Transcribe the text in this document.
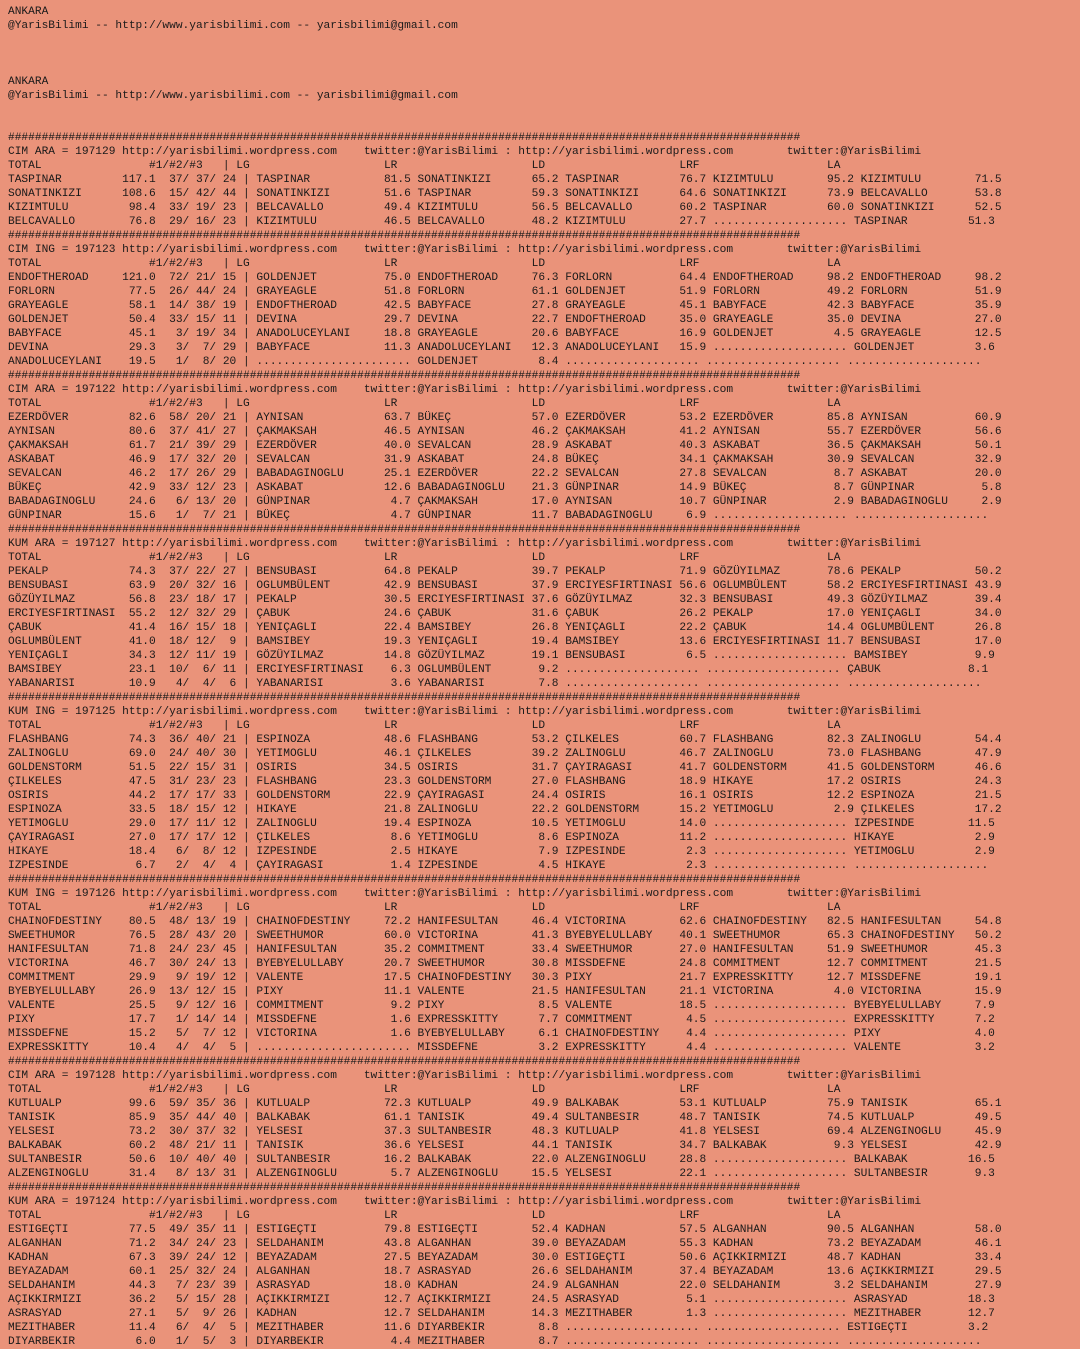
ANKARA
@YarisBilimi -- http://www.yarisbilimi.com -- yarisbilimi@gmail.com
ANKARA
@YarisBilimi -- http://www.yarisbilimi.com -- yarisbilimi@gmail.com
######################################################################################################################
CIM ARA = 197129 http://yarisbilimi.wordpress.com    twitter:@YarisBilimi : http://yarisbilimi.wordpress.com        twitter:@YarisBilimi
TOTAL                #1/#2/#3   | LG                    LR                    LD                    LRF                   LA
TASPINAR         117.1  37/ 37/ 24 | TASPINAR           81.5 SONATINKIZI      65.2 TASPINAR         76.7 KIZIMTULU        95.2 KIZIMTULU        71.5
SONATINKIZI      108.6  15/ 42/ 44 | SONATINKIZI        51.6 TASPINAR         59.3 SONATINKIZI      64.6 SONATINKIZI      73.9 BELCAVALLO       53.8
KIZIMTULU         98.4  33/ 19/ 23 | BELCAVALLO         49.4 KIZIMTULU        56.5 BELCAVALLO       60.2 TASPINAR         60.0 SONATINKIZI      52.5
BELCAVALLO        76.8  29/ 16/ 23 | KIZIMTULU          46.5 BELCAVALLO       48.2 KIZIMTULU        27.7 .................... TASPINAR         51.3
######################################################################################################################
CIM ING = 197123 http://yarisbilimi.wordpress.com    twitter:@YarisBilimi : http://yarisbilimi.wordpress.com        twitter:@YarisBilimi
TOTAL                #1/#2/#3   | LG                    LR                    LD                    LRF                   LA
ENDOFTHEROAD     121.0  72/ 21/ 15 | GOLDENJET          75.0 ENDOFTHEROAD     76.3 FORLORN          64.4 ENDOFTHEROAD     98.2 ENDOFTHEROAD     98.2
FORLORN           77.5  26/ 44/ 24 | GRAYEAGLE          51.8 FORLORN          61.1 GOLDENJET        51.9 FORLORN          49.2 FORLORN          51.9
GRAYEAGLE         58.1  14/ 38/ 19 | ENDOFTHEROAD       42.5 BABYFACE         27.8 GRAYEAGLE        45.1 BABYFACE         42.3 BABYFACE         35.9
GOLDENJET         50.4  33/ 15/ 11 | DEVINA             29.7 DEVINA           22.7 ENDOFTHEROAD     35.0 GRAYEAGLE        35.0 DEVINA           27.0
BABYFACE          45.1   3/ 19/ 34 | ANADOLUCEYLANI     18.8 GRAYEAGLE        20.6 BABYFACE         16.9 GOLDENJET         4.5 GRAYEAGLE        12.5
DEVINA            29.3   3/  7/ 29 | BABYFACE           11.3 ANADOLUCEYLANI   12.3 ANADOLUCEYLANI   15.9 .................... GOLDENJET         3.6
ANADOLUCEYLANI    19.5   1/  8/ 20 | ....................... GOLDENJET         8.4 .................... .................... ....................
######################################################################################################################
CIM ARA = 197122 http://yarisbilimi.wordpress.com    twitter:@YarisBilimi : http://yarisbilimi.wordpress.com        twitter:@YarisBilimi
TOTAL                #1/#2/#3   | LG                    LR                    LD                    LRF                   LA
EZERDÖVER         82.6  58/ 20/ 21 | AYNISAN            63.7 BÜKEÇ            57.0 EZERDÖVER        53.2 EZERDÖVER        85.8 AYNISAN          60.9
AYNISAN           80.6  37/ 41/ 27 | ÇAKMAKSAH          46.5 AYNISAN          46.2 ÇAKMAKSAH        41.2 AYNISAN          55.7 EZERDÖVER        56.6
ÇAKMAKSAH         61.7  21/ 39/ 29 | EZERDÖVER          40.0 SEVALCAN         28.9 ASKABAT          40.3 ASKABAT          36.5 ÇAKMAKSAH        50.1
ASKABAT           46.9  17/ 32/ 20 | SEVALCAN           31.9 ASKABAT          24.8 BÜKEÇ            34.1 ÇAKMAKSAH        30.9 SEVALCAN         32.9
SEVALCAN          46.2  17/ 26/ 29 | BABADAGINOGLU      25.1 EZERDÖVER        22.2 SEVALCAN         27.8 SEVALCAN          8.7 ASKABAT          20.0
BÜKEÇ             42.9  33/ 12/ 23 | ASKABAT            12.6 BABADAGINOGLU    21.3 GÜNPINAR         14.9 BÜKEÇ             8.7 GÜNPINAR          5.8
BABADAGINOGLU     24.6   6/ 13/ 20 | GÜNPINAR            4.7 ÇAKMAKSAH        17.0 AYNISAN          10.7 GÜNPINAR          2.9 BABADAGINOGLU     2.9
GÜNPINAR          15.6   1/  7/ 21 | BÜKEÇ               4.7 GÜNPINAR         11.7 BABADAGINOGLU     6.9 .................... ....................
######################################################################################################################
KUM ARA = 197127 http://yarisbilimi.wordpress.com    twitter:@YarisBilimi : http://yarisbilimi.wordpress.com        twitter:@YarisBilimi
TOTAL                #1/#2/#3   | LG                    LR                    LD                    LRF                   LA
PEKALP            74.3  37/ 22/ 27 | BENSUBASI          64.8 PEKALP           39.7 PEKALP           71.9 GÖZÜYILMAZ       78.6 PEKALP           50.2
BENSUBASI         63.9  20/ 32/ 16 | OGLUMBÜLENT        42.9 BENSUBASI        37.9 ERCIYESFIRTINASI 56.6 OGLUMBÜLENT      58.2 ERCIYESFIRTINASI 43.9
GÖZÜYILMAZ        56.8  23/ 18/ 17 | PEKALP             30.5 ERCIYESFIRTINASI 37.6 GÖZÜYILMAZ       32.3 BENSUBASI        49.3 GÖZÜYILMAZ       39.4
ERCIYESFIRTINASI  55.2  12/ 32/ 29 | ÇABUK              24.6 ÇABUK            31.6 ÇABUK            26.2 PEKALP           17.0 YENIÇAGLI        34.0
ÇABUK             41.4  16/ 15/ 18 | YENIÇAGLI          22.4 BAMSIBEY         26.8 YENIÇAGLI        22.2 ÇABUK            14.4 OGLUMBÜLENT      26.8
OGLUMBÜLENT       41.0  18/ 12/  9 | BAMSIBEY           19.3 YENIÇAGLI        19.4 BAMSIBEY         13.6 ERCIYESFIRTINASI 11.7 BENSUBASI        17.0
YENIÇAGLI         34.3  12/ 11/ 19 | GÖZÜYILMAZ         14.8 GÖZÜYILMAZ       19.1 BENSUBASI         6.5 .................... BAMSIBEY          9.9
BAMSIBEY          23.1  10/  6/ 11 | ERCIYESFIRTINASI    6.3 OGLUMBÜLENT       9.2 .................... .................... ÇABUK             8.1
YABANARISI        10.9   4/  4/  6 | YABANARISI          3.6 YABANARISI        7.8 .................... .................... ....................
######################################################################################################################
KUM ING = 197125 http://yarisbilimi.wordpress.com    twitter:@YarisBilimi : http://yarisbilimi.wordpress.com        twitter:@YarisBilimi
TOTAL                #1/#2/#3   | LG                    LR                    LD                    LRF                   LA
FLASHBANG         74.3  36/ 40/ 21 | ESPINOZA           48.6 FLASHBANG        53.2 ÇILKELES         60.7 FLASHBANG        82.3 ZALINOGLU        54.4
ZALINOGLU         69.0  24/ 40/ 30 | YETIMOGLU          46.1 ÇILKELES         39.2 ZALINOGLU        46.7 ZALINOGLU        73.0 FLASHBANG        47.9
GOLDENSTORM       51.5  22/ 15/ 31 | OSIRIS             34.5 OSIRIS           31.7 ÇAYIRAGASI       41.7 GOLDENSTORM      41.5 GOLDENSTORM      46.6
ÇILKELES          47.5  31/ 23/ 23 | FLASHBANG          23.3 GOLDENSTORM      27.0 FLASHBANG        18.9 HIKAYE           17.2 OSIRIS           24.3
OSIRIS            44.2  17/ 17/ 33 | GOLDENSTORM        22.9 ÇAYIRAGASI       24.4 OSIRIS           16.1 OSIRIS           12.2 ESPINOZA         21.5
ESPINOZA          33.5  18/ 15/ 12 | HIKAYE             21.8 ZALINOGLU        22.2 GOLDENSTORM      15.2 YETIMOGLU         2.9 ÇILKELES         17.2
YETIMOGLU         29.0  17/ 11/ 12 | ZALINOGLU          19.4 ESPINOZA         10.5 YETIMOGLU        14.0 .................... IZPESINDE        11.5
ÇAYIRAGASI        27.0  17/ 17/ 12 | ÇILKELES            8.6 YETIMOGLU         8.6 ESPINOZA         11.2 .................... HIKAYE            2.9
HIKAYE            18.4   6/  8/ 12 | IZPESINDE           2.5 HIKAYE            7.9 IZPESINDE         2.3 .................... YETIMOGLU         2.9
IZPESINDE          6.7   2/  4/  4 | ÇAYIRAGASI          1.4 IZPESINDE         4.5 HIKAYE            2.3 .................... ....................
######################################################################################################################
KUM ING = 197126 http://yarisbilimi.wordpress.com    twitter:@YarisBilimi : http://yarisbilimi.wordpress.com        twitter:@YarisBilimi
TOTAL                #1/#2/#3   | LG                    LR                    LD                    LRF                   LA
CHAINOFDESTINY    80.5  48/ 13/ 19 | CHAINOFDESTINY     72.2 HANIFESULTAN     46.4 VICTORINA        62.6 CHAINOFDESTINY   82.5 HANIFESULTAN     54.8
SWEETHUMOR        76.5  28/ 43/ 20 | SWEETHUMOR         60.0 VICTORINA        41.3 BYEBYELULLABY    40.1 SWEETHUMOR       65.3 CHAINOFDESTINY   50.2
HANIFESULTAN      71.8  24/ 23/ 45 | HANIFESULTAN       35.2 COMMITMENT       33.4 SWEETHUMOR       27.0 HANIFESULTAN     51.9 SWEETHUMOR       45.3
VICTORINA         46.7  30/ 24/ 13 | BYEBYELULLABY      20.7 SWEETHUMOR       30.8 MISSDEFNE        24.8 COMMITMENT       12.7 COMMITMENT       21.5
COMMITMENT        29.9   9/ 19/ 12 | VALENTE            17.5 CHAINOFDESTINY   30.3 PIXY             21.7 EXPRESSKITTY     12.7 MISSDEFNE        19.1
BYEBYELULLABY     26.9  13/ 12/ 15 | PIXY               11.1 VALENTE          21.5 HANIFESULTAN     21.1 VICTORINA         4.0 VICTORINA        15.9
VALENTE           25.5   9/ 12/ 16 | COMMITMENT          9.2 PIXY              8.5 VALENTE          18.5 .................... BYEBYELULLABY     7.9
PIXY              17.7   1/ 14/ 14 | MISSDEFNE           1.6 EXPRESSKITTY      7.7 COMMITMENT        4.5 .................... EXPRESSKITTY      7.2
MISSDEFNE         15.2   5/  7/ 12 | VICTORINA           1.6 BYEBYELULLABY     6.1 CHAINOFDESTINY    4.4 .................... PIXY              4.0
EXPRESSKITTY      10.4   4/  4/  5 | ....................... MISSDEFNE         3.2 EXPRESSKITTY      4.4 .................... VALENTE           3.2
######################################################################################################################
CIM ARA = 197128 http://yarisbilimi.wordpress.com    twitter:@YarisBilimi : http://yarisbilimi.wordpress.com        twitter:@YarisBilimi
TOTAL                #1/#2/#3   | LG                    LR                    LD                    LRF                   LA
KUTLUALP          99.6  59/ 35/ 36 | KUTLUALP           72.3 KUTLUALP         49.9 BALKABAK         53.1 KUTLUALP         75.9 TANISIK          65.1
TANISIK           85.9  35/ 44/ 40 | BALKABAK           61.1 TANISIK          49.4 SULTANBESIR      48.7 TANISIK          74.5 KUTLUALP         49.5
YELSESI           73.2  30/ 37/ 32 | YELSESI            37.3 SULTANBESIR      48.3 KUTLUALP         41.8 YELSESI          69.4 ALZENGINOGLU     45.9
BALKABAK          60.2  48/ 21/ 11 | TANISIK            36.6 YELSESI          44.1 TANISIK          34.7 BALKABAK          9.3 YELSESI          42.9
SULTANBESIR       50.6  10/ 40/ 40 | SULTANBESIR        16.2 BALKABAK         22.0 ALZENGINOGLU     28.8 .................... BALKABAK         16.5
ALZENGINOGLU      31.4   8/ 13/ 31 | ALZENGINOGLU        5.7 ALZENGINOGLU     15.5 YELSESI          22.1 .................... SULTANBESIR       9.3
######################################################################################################################
KUM ARA = 197124 http://yarisbilimi.wordpress.com    twitter:@YarisBilimi : http://yarisbilimi.wordpress.com        twitter:@YarisBilimi
TOTAL                #1/#2/#3   | LG                    LR                    LD                    LRF                   LA
ESTIGEÇTI         77.5  49/ 35/ 11 | ESTIGEÇTI          79.8 ESTIGEÇTI        52.4 KADHAN           57.5 ALGANHAN         90.5 ALGANHAN         58.0
ALGANHAN          71.2  34/ 24/ 23 | SELDAHANIM         43.8 ALGANHAN         39.0 BEYAZADAM        55.3 KADHAN           73.2 BEYAZADAM        46.1
KADHAN            67.3  39/ 24/ 12 | BEYAZADAM          27.5 BEYAZADAM        30.0 ESTIGEÇTI        50.6 AÇIKKIRMIZI      48.7 KADHAN           33.4
BEYAZADAM         60.1  25/ 32/ 24 | ALGANHAN           18.7 ASRASYAD         26.6 SELDAHANIM       37.4 BEYAZADAM        13.6 AÇIKKIRMIZI      29.5
SELDAHANIM        44.3   7/ 23/ 39 | ASRASYAD           18.0 KADHAN           24.9 ALGANHAN         22.0 SELDAHANIM        3.2 SELDAHANIM       27.9
AÇIKKIRMIZI       36.2   5/ 15/ 28 | AÇIKKIRMIZI        12.7 AÇIKKIRMIZI      24.5 ASRASYAD          5.1 .................... ASRASYAD         18.3
ASRASYAD          27.1   5/  9/ 26 | KADHAN             12.7 SELDAHANIM       14.3 MEZITHABER        1.3 .................... MEZITHABER       12.7
MEZITHABER        11.4   6/  4/  5 | MEZITHABER         11.6 DIYARBEKIR        8.8 .................... .................... ESTIGEÇTI         3.2
DIYARBEKIR         6.0   1/  5/  3 | DIYARBEKIR          4.4 MEZITHABER        8.7 .................... .................... ....................
